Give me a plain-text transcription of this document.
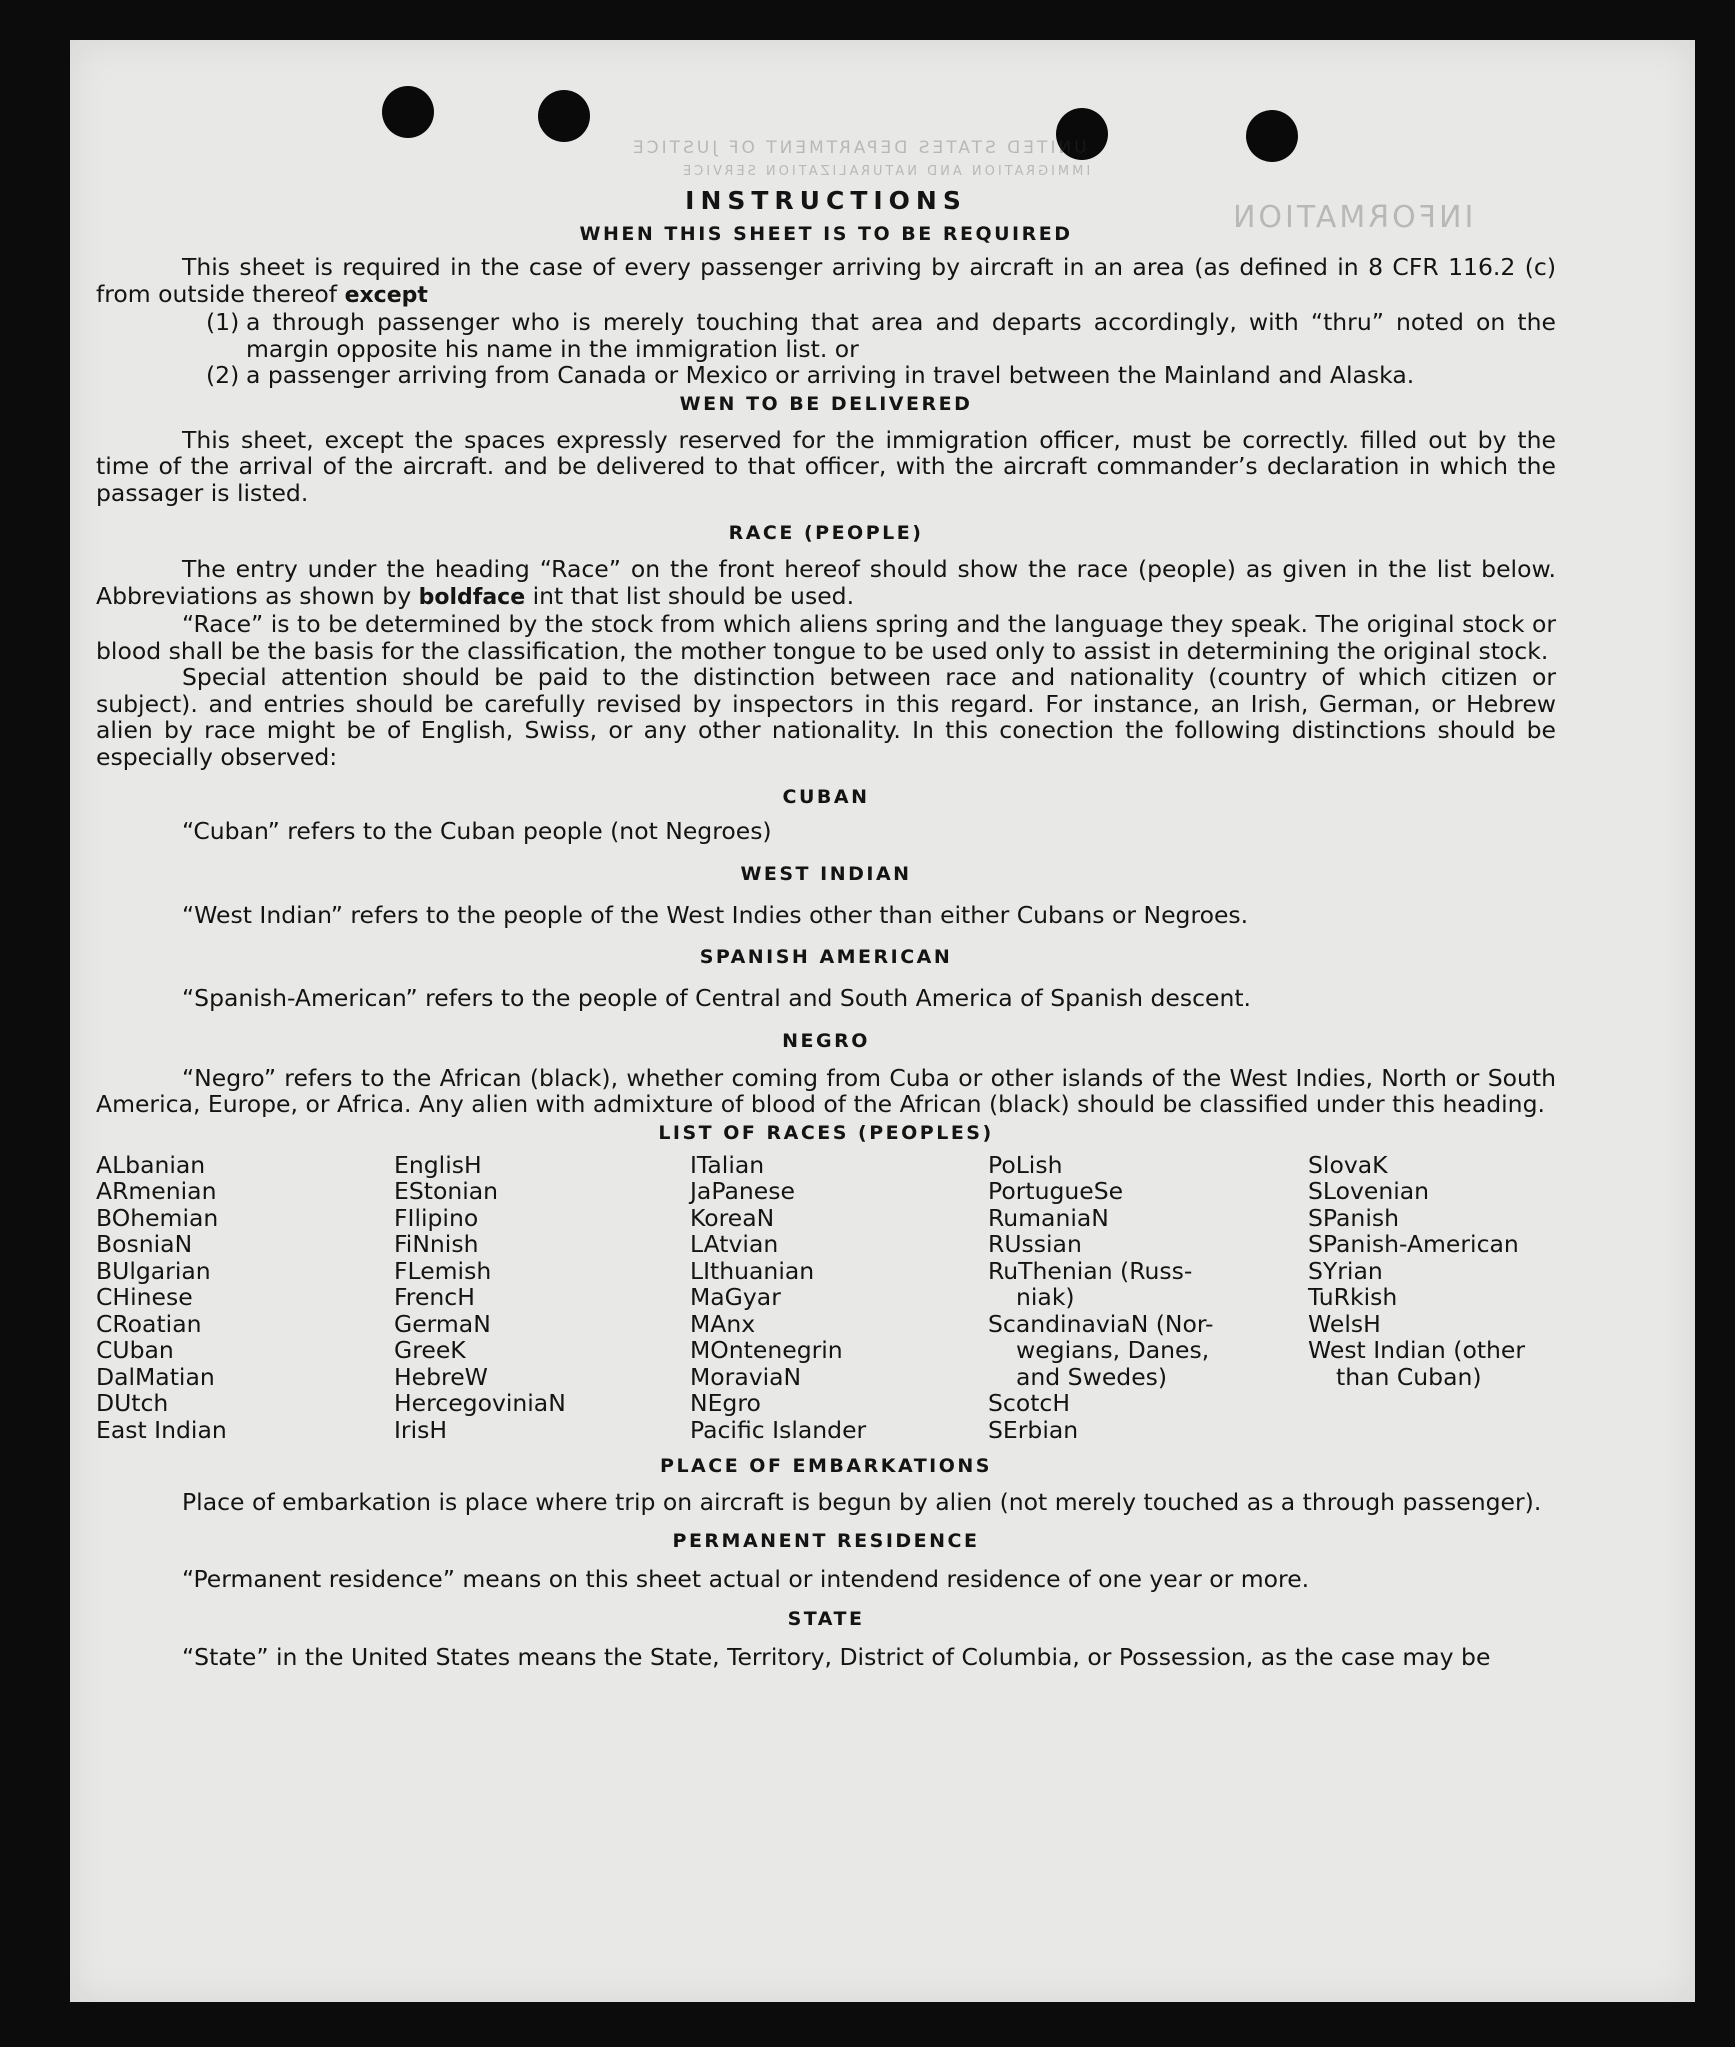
UNITED STATES DEPARTMENT OF JUSTICE
IMMIGRATION AND NATURALIZATION SERVICE
INFORMATION
INSTRUCTIONS
WHEN THIS SHEET IS TO BE REQUIRED

This sheet is required in the case of every passenger arriving by aircraft in an area (as defined in 8 CFR 116.2 (c) from outside thereof except

(1) a through passenger who is merely touching that area and departs accordingly, with “thru” noted on the margin opposite his name in the immigration list. or
(2) a passenger arriving from Canada or Mexico or arriving in travel between the Mainland and Alaska.
WEN TO BE DELIVERED

This sheet, except the spaces expressly reserved for the immigration officer, must be correctly. filled out by the time of the arrival of the aircraft. and be delivered to that officer, with the aircraft commander’s declaration in which the passager is listed.

RACE (PEOPLE)

The entry under the heading “Race” on the front hereof should show the race (people) as given in the list below. Abbreviations as shown by boldface int that list should be used.

“Race” is to be determined by the stock from which aliens spring and the language they speak. The original stock or blood shall be the basis for the classification, the mother tongue to be used only to assist in determining the original stock.

Special attention should be paid to the distinction between race and nationality (country of which citizen or subject). and entries should be carefully revised by inspectors in this regard. For instance, an Irish, German, or Hebrew alien by race might be of English, Swiss, or any other nationality. In this conection the following distinctions should be especially observed:

CUBAN

“Cuban” refers to the Cuban people (not Negroes)

WEST INDIAN

“West Indian” refers to the people of the West Indies other than either Cubans or Negroes.

SPANISH AMERICAN

“Spanish-American” refers to the people of Central and South America of Spanish descent.

NEGRO

“Negro” refers to the African (black), whether coming from Cuba or other islands of the West Indies, North or South America, Europe, or Africa. Any alien with admixture of blood of the African (black) should be classified under this heading.

LIST OF RACES (PEOPLES)
ALbanian
ARmenian
BOhemian
BosniaN
BUlgarian
CHinese
CRoatian
CUban
DalMatian
DUtch
East Indian
EnglisH
EStonian
FIlipino
FiNnish
FLemish
FrencH
GermaN
GreeK
HebreW
HercegoviniaN
IrisH
ITalian
JaPanese
KoreaN
LAtvian
LIthuanian
MaGyar
MAnx
MOntenegrin
MoraviaN
NEgro
Pacific Islander
PoLish
PortugueSe
RumaniaN
RUssian
RuThenian (Russ-
niak)
ScandinaviaN (Nor-
wegians, Danes,
and Swedes)
ScotcH
SErbian
SlovaK
SLovenian
SPanish
SPanish-American
SYrian
TuRkish
WelsH
West Indian (other
than Cuban)
PLACE OF EMBARKATIONS

Place of embarkation is place where trip on aircraft is begun by alien (not merely touched as a through passenger).

PERMANENT RESIDENCE

“Permanent residence” means on this sheet actual or intendend residence of one year or more.

STATE

“State” in the United States means the State, Territory, District of Columbia, or Possession, as the case may be
